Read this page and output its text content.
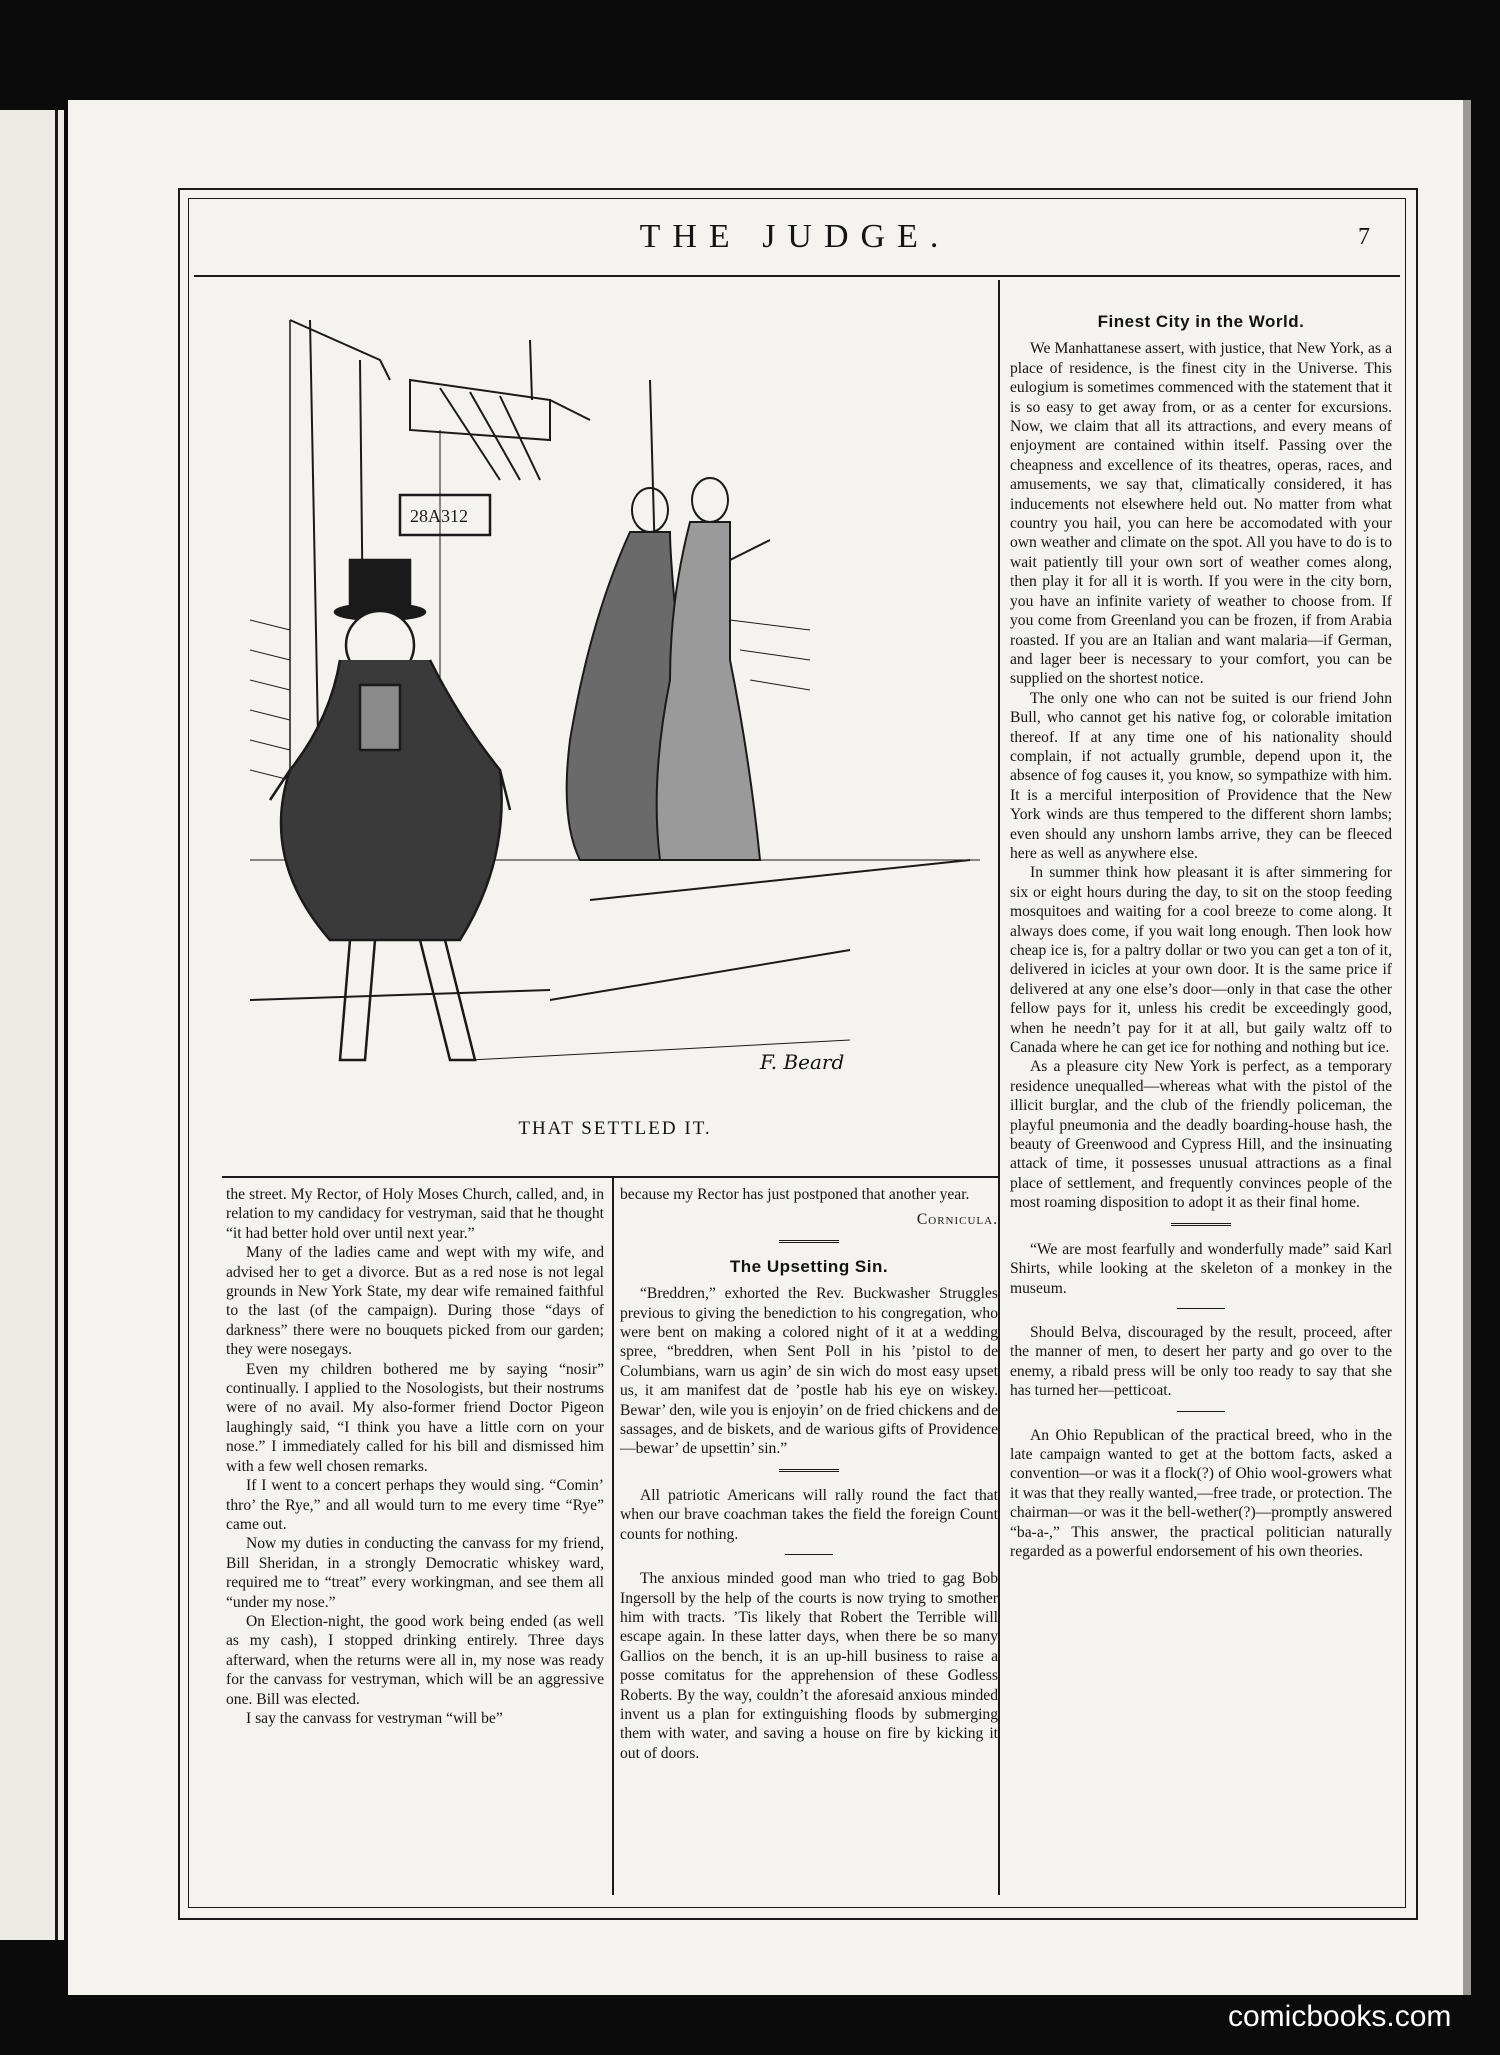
THE JUDGE.	7
28A312
F. Beard
THAT SETTLED IT.

the street. My Rector, of Holy Moses Church, called, and, in relation to my candidacy for vestryman, said that he thought “it had better hold over until next year.”

Many of the ladies came and wept with my wife, and advised her to get a divorce. But as a red nose is not legal grounds in New York State, my dear wife remained faithful to the last (of the campaign). During those “days of darkness” there were no bouquets picked from our garden; they were nosegays.

Even my children bothered me by saying “nosir” continually. I applied to the Nosologists, but their nostrums were of no avail. My also-former friend Doctor Pigeon laughingly said, “I think you have a little corn on your nose.” I immediately called for his bill and dismissed him with a few well chosen remarks.

If I went to a concert perhaps they would sing. “Comin’ thro’ the Rye,” and all would turn to me every time “Rye” came out.

Now my duties in conducting the canvass for my friend, Bill Sheridan, in a strongly Democratic whiskey ward, required me to “treat” every workingman, and see them all “under my nose.”

On Election-night, the good work being ended (as well as my cash), I stopped drinking entirely. Three days afterward, when the returns were all in, my nose was ready for the canvass for vestryman, which will be an aggressive one. Bill was elected.

I say the canvass for vestryman “will be”

because my Rector has just postponed that another year.

Cornicula.
The Upsetting Sin.

“Breddren,” exhorted the Rev. Buckwasher Struggles previous to giving the benediction to his congregation, who were bent on making a colored night of it at a wedding spree, “breddren, when Sent Poll in his ’pistol to de Columbians, warn us agin’ de sin wich do most easy upset us, it am manifest dat de ’postle hab his eye on wiskey. Bewar’ den, wile you is enjoyin’ on de fried chickens and de sassages, and de biskets, and de warious gifts of Providence—bewar’ de upsettin’ sin.”

All patriotic Americans will rally round the fact that when our brave coachman takes the field the foreign Count counts for nothing.

The anxious minded good man who tried to gag Bob Ingersoll by the help of the courts is now trying to smother him with tracts. ’Tis likely that Robert the Terrible will escape again. In these latter days, when there be so many Gallios on the bench, it is an up-hill business to raise a posse comitatus for the apprehension of these Godless Roberts. By the way, couldn’t the aforesaid anxious minded invent us a plan for extinguishing floods by submerging them with water, and saving a house on fire by kicking it out of doors.

Finest City in the World.

We Manhattanese assert, with justice, that New York, as a place of residence, is the finest city in the Universe. This eulogium is sometimes commenced with the statement that it is so easy to get away from, or as a center for excursions. Now, we claim that all its attractions, and every means of enjoyment are contained within itself. Passing over the cheapness and excellence of its theatres, operas, races, and amusements, we say that, climatically considered, it has inducements not elsewhere held out. No matter from what country you hail, you can here be accomodated with your own weather and climate on the spot. All you have to do is to wait patiently till your own sort of weather comes along, then play it for all it is worth. If you were in the city born, you have an infinite variety of weather to choose from. If you come from Greenland you can be frozen, if from Arabia roasted. If you are an Italian and want malaria—if German, and lager beer is necessary to your comfort, you can be supplied on the shortest notice.

The only one who can not be suited is our friend John Bull, who cannot get his native fog, or colorable imitation thereof. If at any time one of his nationality should complain, if not actually grumble, depend upon it, the absence of fog causes it, you know, so sympathize with him. It is a merciful interposition of Providence that the New York winds are thus tempered to the different shorn lambs; even should any unshorn lambs arrive, they can be fleeced here as well as anywhere else.

In summer think how pleasant it is after simmering for six or eight hours during the day, to sit on the stoop feeding mosquitoes and waiting for a cool breeze to come along. It always does come, if you wait long enough. Then look how cheap ice is, for a paltry dollar or two you can get a ton of it, delivered in icicles at your own door. It is the same price if delivered at any one else’s door—only in that case the other fellow pays for it, unless his credit be exceedingly good, when he needn’t pay for it at all, but gaily waltz off to Canada where he can get ice for nothing and nothing but ice.

As a pleasure city New York is perfect, as a temporary residence unequalled—whereas what with the pistol of the illicit burglar, and the club of the friendly policeman, the playful pneumonia and the deadly boarding-house hash, the beauty of Greenwood and Cypress Hill, and the insinuating attack of time, it possesses unusual attractions as a final place of settlement, and frequently convinces people of the most roaming disposition to adopt it as their final home.

“We are most fearfully and wonderfully made” said Karl Shirts, while looking at the skeleton of a monkey in the museum.

Should Belva, discouraged by the result, proceed, after the manner of men, to desert her party and go over to the enemy, a ribald press will be only too ready to say that she has turned her—petticoat.

An Ohio Republican of the practical breed, who in the late campaign wanted to get at the bottom facts, asked a convention—or was it a flock(?) of Ohio wool-growers what it was that they really wanted,—free trade, or protection. The chairman—or was it the bell-wether(?)—promptly answered “ba-a-,” This answer, the practical politician naturally regarded as a powerful endorsement of his own theories.

comicbooks.com
